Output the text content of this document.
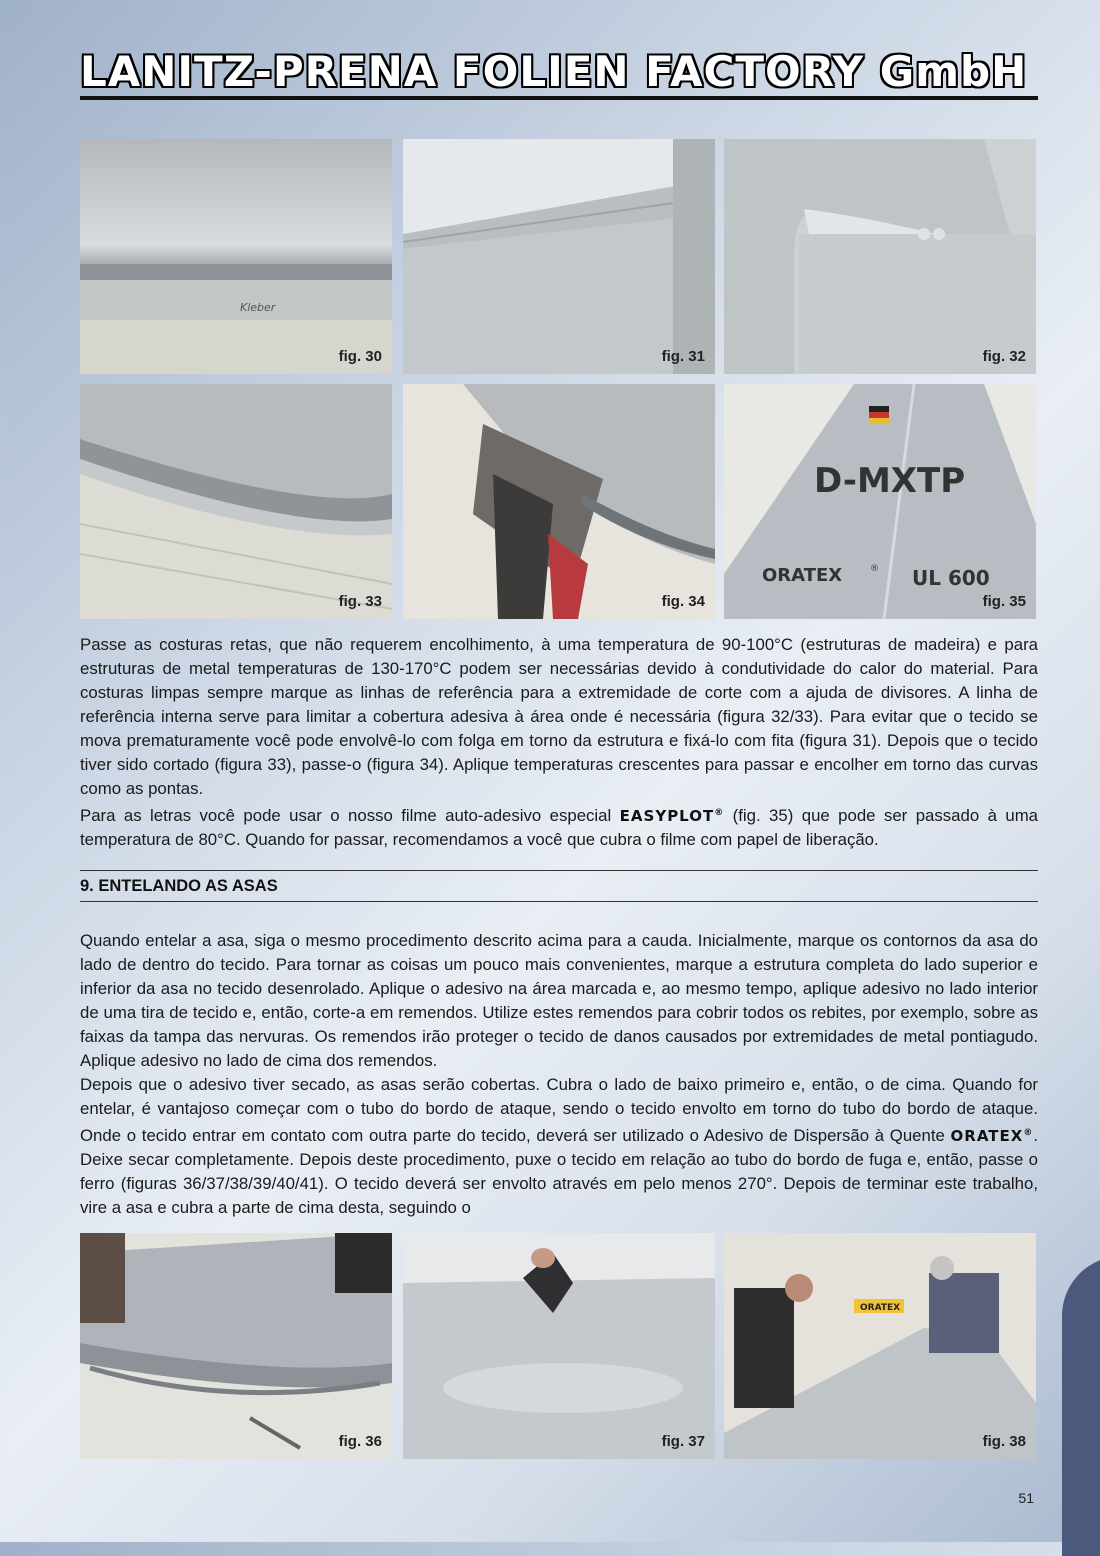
LANITZ-PRENA FOLIEN FACTORY GmbH
Kleber
fig. 30	fig. 31	fig. 32
fig. 33	fig. 34
D-MXTP
ORATEX	® UL 600
fig. 35

Passe as costuras retas, que não requerem encolhimento, à uma temperatura de 90-100°C (estruturas de madeira) e para estruturas de metal temperaturas de 130-170°C podem ser necessárias devido à condutividade do calor do material. Para costuras limpas sempre marque as linhas de referência para a extremidade de corte com a ajuda de divisores. A linha de referência interna serve para limitar a cobertura adesiva à área onde é necessária (figura 32/33). Para evitar que o tecido se mova prematuramente você pode envolvê-lo com folga em torno da estrutura e fixá-lo com fita (figura 31). Depois que o tecido tiver sido cortado (figura 33), passe-o (figura 34). Aplique temperaturas crescentes para passar e encolher em torno das curvas como as pontas.

Para as letras você pode usar o nosso filme auto-adesivo especial EASYPLOT® (fig. 35) que pode ser passado à uma temperatura de 80°C. Quando for passar, recomendamos a você que cubra o filme com papel de liberação.

9. ENTELANDO AS ASAS

Quando entelar a asa, siga o mesmo procedimento descrito acima para a cauda. Inicialmente, marque os contornos da asa do lado de dentro do tecido. Para tornar as coisas um pouco mais convenientes, marque a estrutura completa do lado superior e inferior da asa no tecido desenrolado. Aplique o adesivo na área marcada e, ao mesmo tempo, aplique adesivo no lado interior de uma tira de tecido e, então, corte-a em remendos. Utilize estes remendos para cobrir todos os rebites, por exemplo, sobre as faixas da tampa das nervuras. Os remendos irão proteger o tecido de danos causados por extremidades de metal pontiagudo. Aplique adesivo no lado de cima dos remendos.

Depois que o adesivo tiver secado, as asas serão cobertas. Cubra o lado de baixo primeiro e, então, o de cima. Quando for entelar, é vantajoso começar com o tubo do bordo de ataque, sendo o tecido envolto em torno do tubo do bordo de ataque. Onde o tecido entrar em contato com outra parte do tecido, deverá ser utilizado o Adesivo de Dispersão à Quente ORATEX®. Deixe secar completamente. Depois deste procedimento, puxe o tecido em relação ao tubo do bordo de fuga e, então, passe o ferro (figuras 36/37/38/39/40/41). O tecido deverá ser envolto através em pelo menos 270°. Depois de terminar este trabalho, vire a asa e cubra a parte de cima desta, seguindo o

fig. 36	fig. 37
ORATEX
fig. 38
51
